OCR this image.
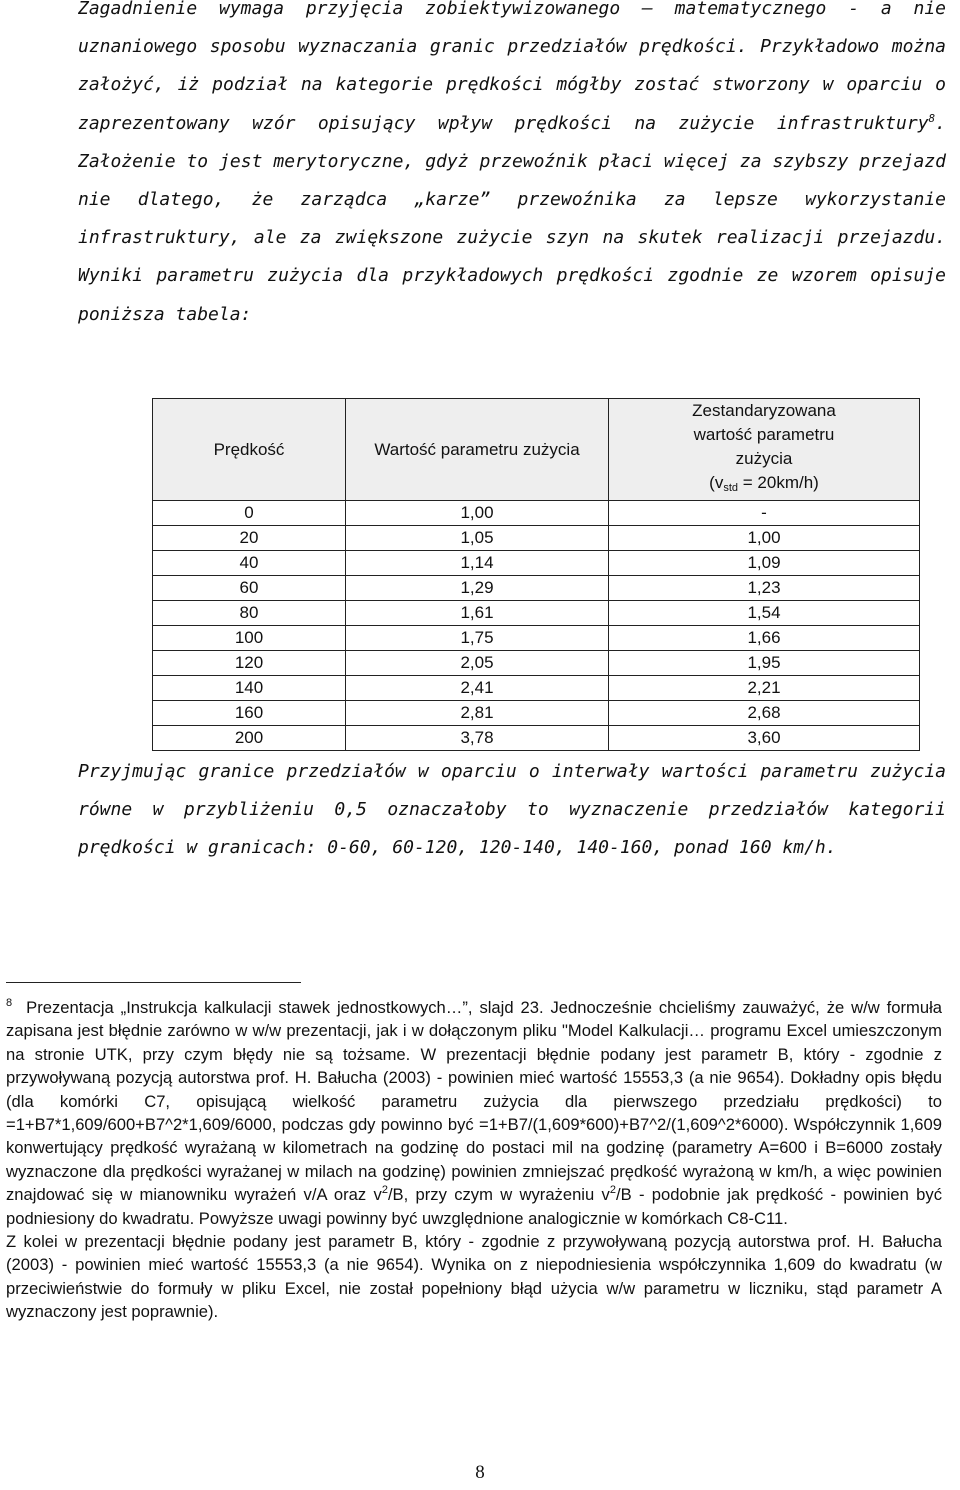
Zagadnienie wymaga przyjęcia zobiektywizowanego – matematycznego - a nie uznaniowego sposobu wyznaczania granic przedziałów prędkości. Przykładowo można założyć, iż podział na kategorie prędkości mógłby zostać stworzony w oparciu o zaprezentowany wzór opisujący wpływ prędkości na zużycie infrastruktury$^8$. Założenie to jest merytoryczne, gdyż przewoźnik płaci więcej za szybszy przejazd nie dlatego, że zarządca „karze” przewoźnika za lepsze wykorzystanie infrastruktury, ale za zwiększone zużycie szyn na skutek realizacji przejazdu. Wyniki parametru zużycia dla przykładowych prędkości zgodnie ze wzorem opisuje poniższa tabela:

Prędkość	Wartość parametru zużycia	Zestandaryzowana
wartość parametru
zużycia
$(v_{std} = 20km/h)$

0	1,00	-
20	1,05	1,00
40	1,14	1,09
60	1,29	1,23
80	1,61	1,54
100	1,75	1,66
120	2,05	1,95
140	2,41	2,21
160	2,81	2,68
200	3,78	3,60

Przyjmując granice przedziałów w oparciu o interwały wartości parametru zużycia równe w przybliżeniu 0,5 oznaczałoby to wyznaczenie przedziałów kategorii prędkości w granicach: 0-60, 60-120, 120-140, 140-160, ponad 160 km/h.

$^8$ Prezentacja „Instrukcja kalkulacji stawek jednostkowych…”, slajd 23. Jednocześnie chcieliśmy zauważyć, że w/w formuła zapisana jest błędnie zarówno w w/w prezentacji, jak i w dołączonym pliku "Model Kalkulacji… programu Excel umieszczonym na stronie UTK, przy czym błędy nie są tożsame. W prezentacji błędnie podany jest parametr B, który - zgodnie z przywoływaną pozycją autorstwa prof. H. Bałucha (2003) - powinien mieć wartość 15553,3 (a nie 9654). Dokładny opis błędu (dla komórki C7, opisującą wielkość parametru zużycia dla pierwszego przedziału prędkości) to =1+B7*1,609/600+B7^2*1,609/6000, podczas gdy powinno być =1+B7/(1,609*600)+B7^2/(1,609^2*6000). Współczynnik 1,609 konwertujący prędkość wyrażaną w kilometrach na godzinę do postaci mil na godzinę (parametry A=600 i B=6000 zostały wyznaczone dla prędkości wyrażanej w milach na godzinę) powinien zmniejszać prędkość wyrażoną w km/h, a więc powinien znajdować się w mianowniku wyrażeń v/A oraz $v^2/B$, przy czym w wyrażeniu $v^2/B$ - podobnie jak prędkość - powinien być podniesiony do kwadratu. Powyższe uwagi powinny być uwzględnione analogicznie w komórkach C8-C11.

Z kolei w prezentacji błędnie podany jest parametr B, który - zgodnie z przywoływaną pozycją autorstwa prof. H. Bałucha (2003) - powinien mieć wartość 15553,3 (a nie 9654). Wynika on z niepodniesienia współczynnika 1,609 do kwadratu (w przeciwieństwie do formuły w pliku Excel, nie został popełniony błąd użycia w/w parametru w liczniku, stąd parametr A wyznaczony jest poprawnie).

8
